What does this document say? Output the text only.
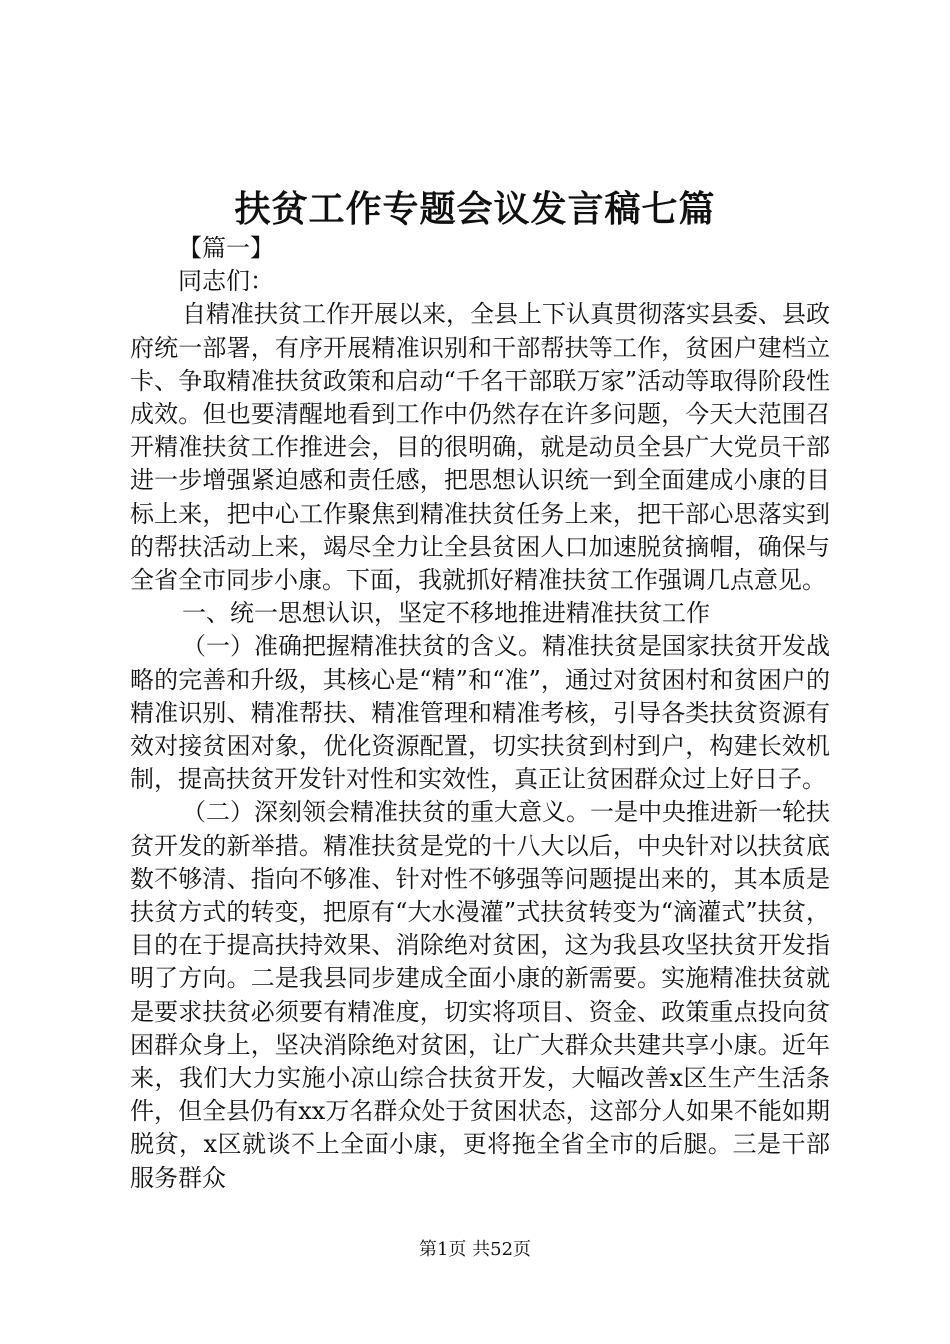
扶贫工作专题会议发言稿七篇

【篇一】

同志们：

自精准扶贫工作开展以来，全县上下认真贯彻落实县委、县政府统一部署，有序开展精准识别和干部帮扶等工作，贫困户建档立卡、争取精准扶贫政策和启动“千名干部联万家”活动等取得阶段性成效。但也要清醒地看到工作中仍然存在许多问题，今天大范围召开精准扶贫工作推进会，目的很明确，就是动员全县广大党员干部进一步增强紧迫感和责任感，把思想认识统一到全面建成小康的目标上来，把中心工作聚焦到精准扶贫任务上来，把干部心思落实到的帮扶活动上来，竭尽全力让全县贫困人口加速脱贫摘帽，确保与全省全市同步小康。下面，我就抓好精准扶贫工作强调几点意见。

一、统一思想认识，坚定不移地推进精准扶贫工作

（一）准确把握精准扶贫的含义。精准扶贫是国家扶贫开发战略的完善和升级，其核心是“精”和“准”，通过对贫困村和贫困户的精准识别、精准帮扶、精准管理和精准考核，引导各类扶贫资源有效对接贫困对象，优化资源配置，切实扶贫到村到户，构建长效机制，提高扶贫开发针对性和实效性，真正让贫困群众过上好日子。

（二）深刻领会精准扶贫的重大意义。一是中央推进新一轮扶贫开发的新举措。精准扶贫是党的十八大以后，中央针对以扶贫底数不够清、指向不够准、针对性不够强等问题提出来的，其本质是扶贫方式的转变，把原有“大水漫灌”式扶贫转变为“滴灌式”扶贫，目的在于提高扶持效果、消除绝对贫困，这为我县攻坚扶贫开发指明了方向。二是我县同步建成全面小康的新需要。实施精准扶贫就是要求扶贫必须要有精准度，切实将项目、资金、政策重点投向贫困群众身上，坚决消除绝对贫困，让广大群众共建共享小康。近年来，我们大力实施小凉山综合扶贫开发，大幅改善x区生产生活条件，但全县仍有xx万名群众处于贫困状态，这部分人如果不能如期脱贫，x区就谈不上全面小康，更将拖全省全市的后腿。三是干部服务群众

第1页 共52页
